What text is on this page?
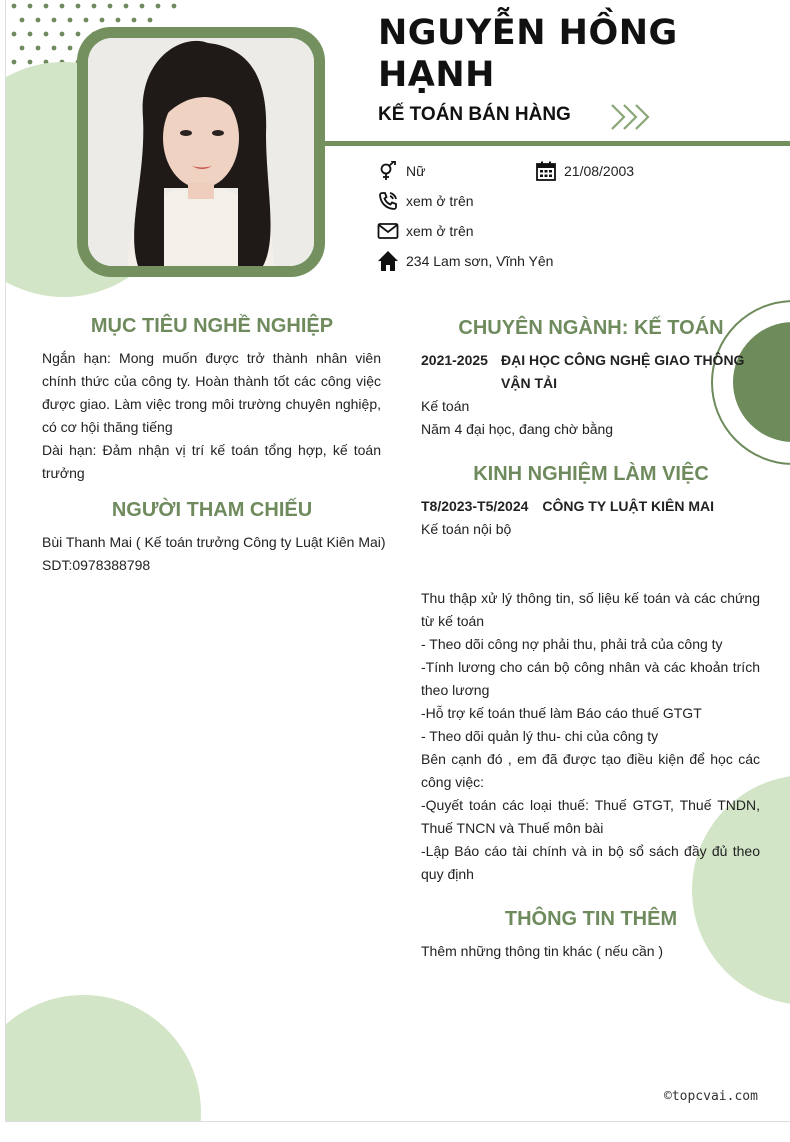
NGUYỄN HỒNG HẠNH
KẾ TOÁN BÁN HÀNG
Nữ	21/08/2003
xem ở trên
xem ở trên
234 Lam sơn, Vĩnh Yên
MỤC TIÊU NGHỀ NGHIỆP
Ngắn hạn: Mong muốn được trở thành nhân viên chính thức của công ty. Hoàn thành tốt các công việc được giao. Làm việc trong môi trường chuyên nghiệp, có cơ hội thăng tiếng
Dài hạn: Đảm nhận vị trí kế toán tổng hợp, kế toán trưởng
NGƯỜI THAM CHIẾU
Bùi Thanh Mai ( Kế toán trưởng Công ty Luật Kiên Mai)
SDT:0978388798
CHUYÊN NGÀNH: KẾ TOÁN
2021-2025 ĐẠI HỌC CÔNG NGHỆ GIAO THÔNG VẬN TẢI
Kế toán
Năm 4 đại học, đang chờ bằng
KINH NGHIỆM LÀM VIỆC
T8/2023-T5/2024 CÔNG TY LUẬT KIÊN MAI
Kế toán nội bộ
Thu thập xử lý thông tin, số liệu kế toán và các chứng từ kế toán
- Theo dõi công nợ phải thu, phải trả của công ty
-Tính lương cho cán bộ công nhân và các khoản trích theo lương
-Hỗ trợ kế toán thuế làm Báo cáo thuế GTGT
- Theo dõi quản lý thu- chi của công ty
Bên cạnh đó , em đã được tạo điều kiện để học các công việc:
-Quyết toán các loại thuế: Thuế GTGT, Thuế TNDN, Thuế TNCN và Thuế môn bài
-Lập Báo cáo tài chính và in bộ sổ sách đầy đủ theo quy định
THÔNG TIN THÊM
Thêm những thông tin khác ( nếu cần )
©topcvai.com
